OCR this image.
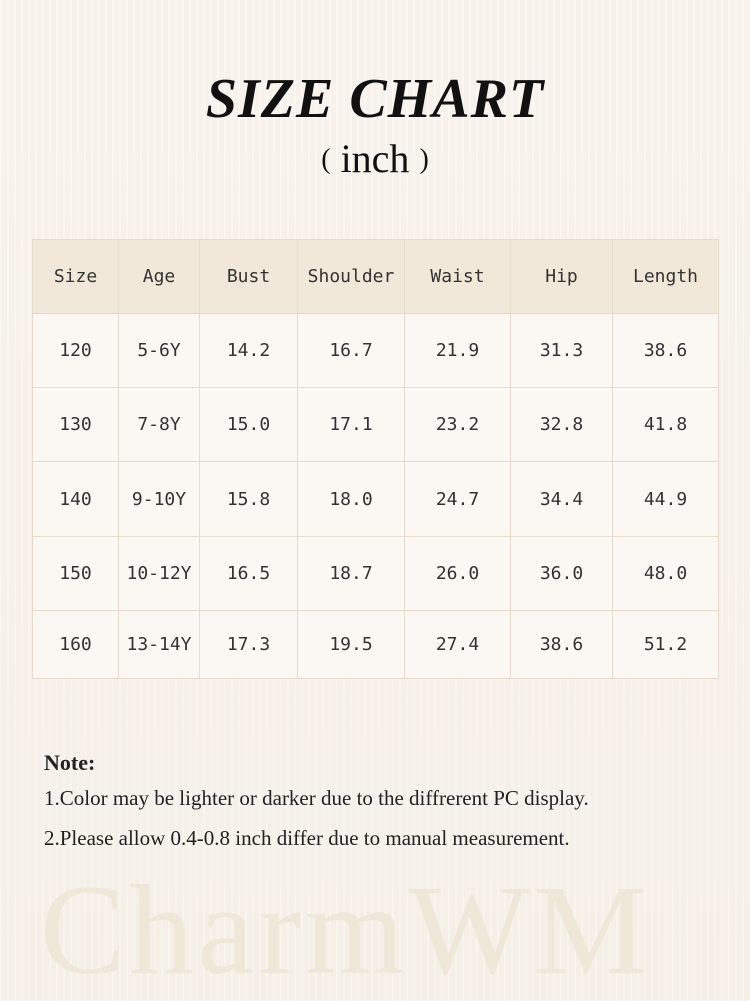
SIZE CHART
( inch )
Size	Age	Bust	Shoulder	Waist	Hip	Length
120	5-6Y	14.2	16.7	21.9	31.3	38.6
130	7-8Y	15.0	17.1	23.2	32.8	41.8
140	9-10Y	15.8	18.0	24.7	34.4	44.9
150	10-12Y	16.5	18.7	26.0	36.0	48.0
160	13-14Y	17.3	19.5	27.4	38.6	51.2
Note:
1.Color may be lighter or darker due to the diffrerent PC display.
2.Please allow 0.4-0.8 inch differ due to manual measurement.
CharmWM
